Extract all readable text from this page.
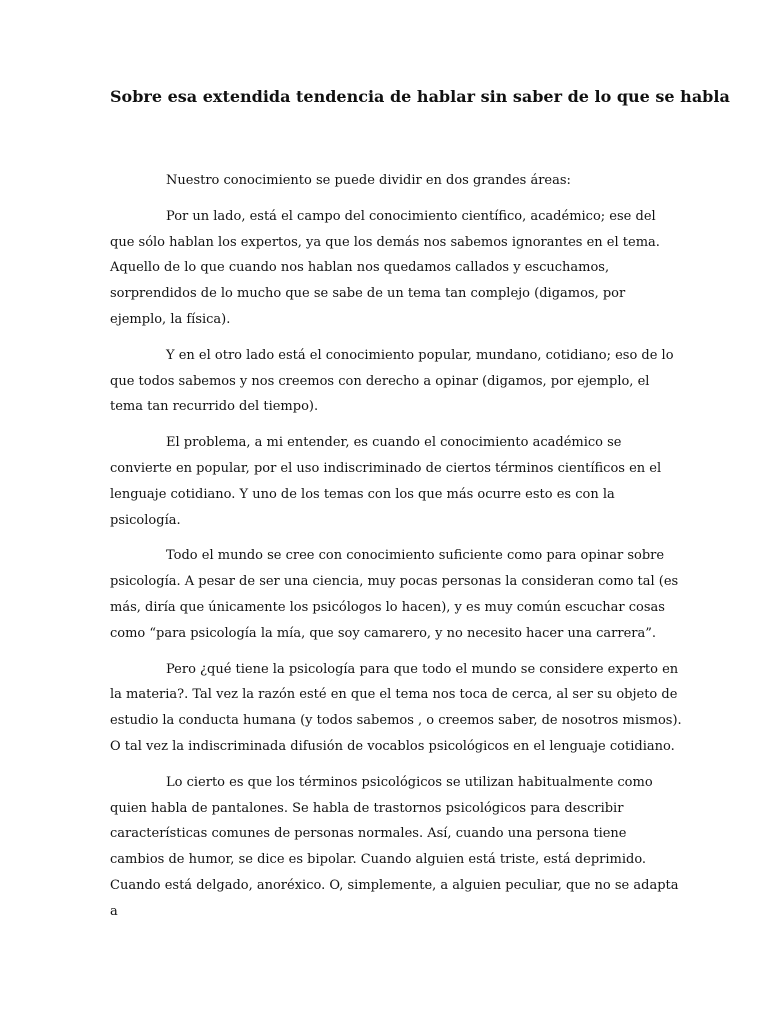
Sobre esa extendida tendencia de hablar sin saber de lo que se habla

Nuestro conocimiento se puede dividir en dos grandes áreas:

Por un lado, está el campo del conocimiento científico, académico; ese del que sólo hablan los expertos, ya que los demás nos sabemos ignorantes en el tema. Aquello de lo que cuando nos hablan nos quedamos callados y escuchamos, sorprendidos de lo mucho que se sabe de un tema tan complejo (digamos, por ejemplo, la física).

Y en el otro lado está el conocimiento popular, mundano, cotidiano; eso de lo que todos sabemos y nos creemos con derecho a opinar (digamos, por ejemplo, el tema tan recurrido del tiempo).

El problema, a mi entender, es cuando el conocimiento académico se convierte en popular, por el uso indiscriminado de ciertos términos científicos en el lenguaje cotidiano. Y uno de los temas con los que más ocurre esto es con la psicología.

Todo el mundo se cree con conocimiento suficiente como para opinar sobre psicología. A pesar de ser una ciencia, muy pocas personas la consideran como tal (es más, diría que únicamente los psicólogos lo hacen), y es muy común escuchar cosas como “para psicología la mía, que soy camarero, y no necesito hacer una carrera”.

Pero ¿qué tiene la psicología para que todo el mundo se considere experto en la materia?. Tal vez la razón esté en que el tema nos toca de cerca, al ser su objeto de estudio la conducta humana (y todos sabemos , o creemos saber, de nosotros mismos). O tal vez la indiscriminada difusión de vocablos psicológicos en el lenguaje cotidiano.

Lo cierto es que los términos psicológicos se utilizan habitualmente como quien habla de pantalones. Se habla de trastornos psicológicos para describir características comunes de personas normales. Así, cuando una persona tiene cambios de humor, se dice es bipolar. Cuando alguien está triste, está deprimido. Cuando está delgado, anoréxico. O, simplemente, a alguien peculiar, que no se adapta a
